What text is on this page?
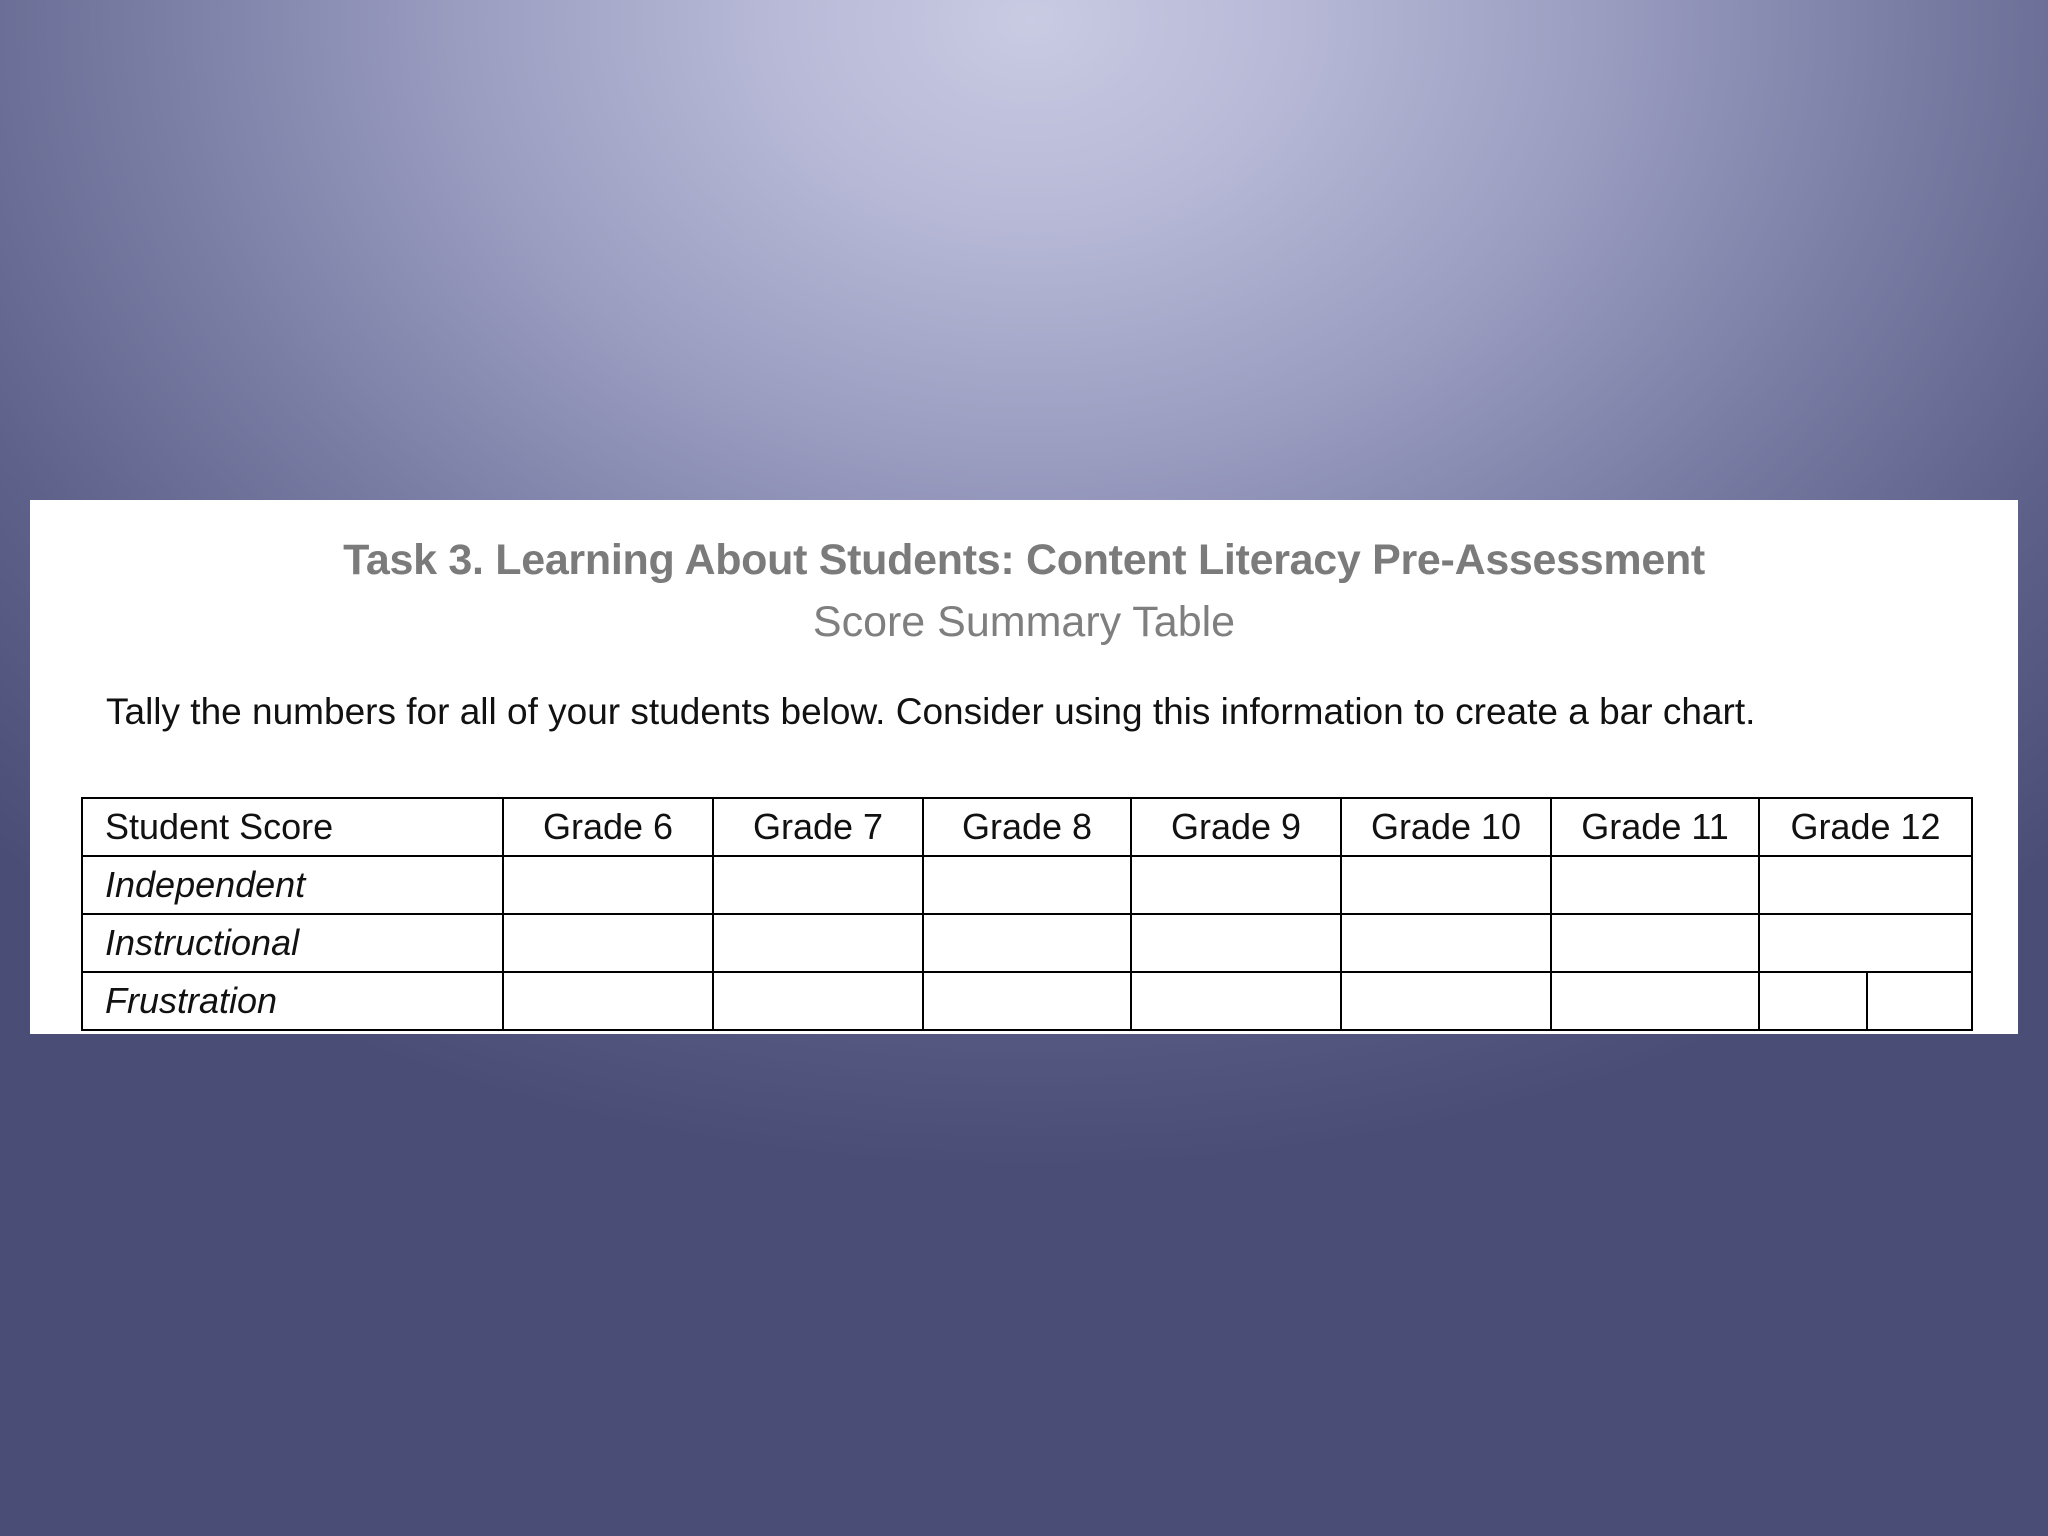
Task 3. Learning About Students: Content Literacy Pre-Assessment
Score Summary Table
Tally the numbers for all of your students below. Consider using this information to create a bar chart.
Student Score	Grade 6	Grade 7	Grade 8	Grade 9	Grade 10	Grade 11	Grade 12
Independent							
Instructional							
Frustration							
